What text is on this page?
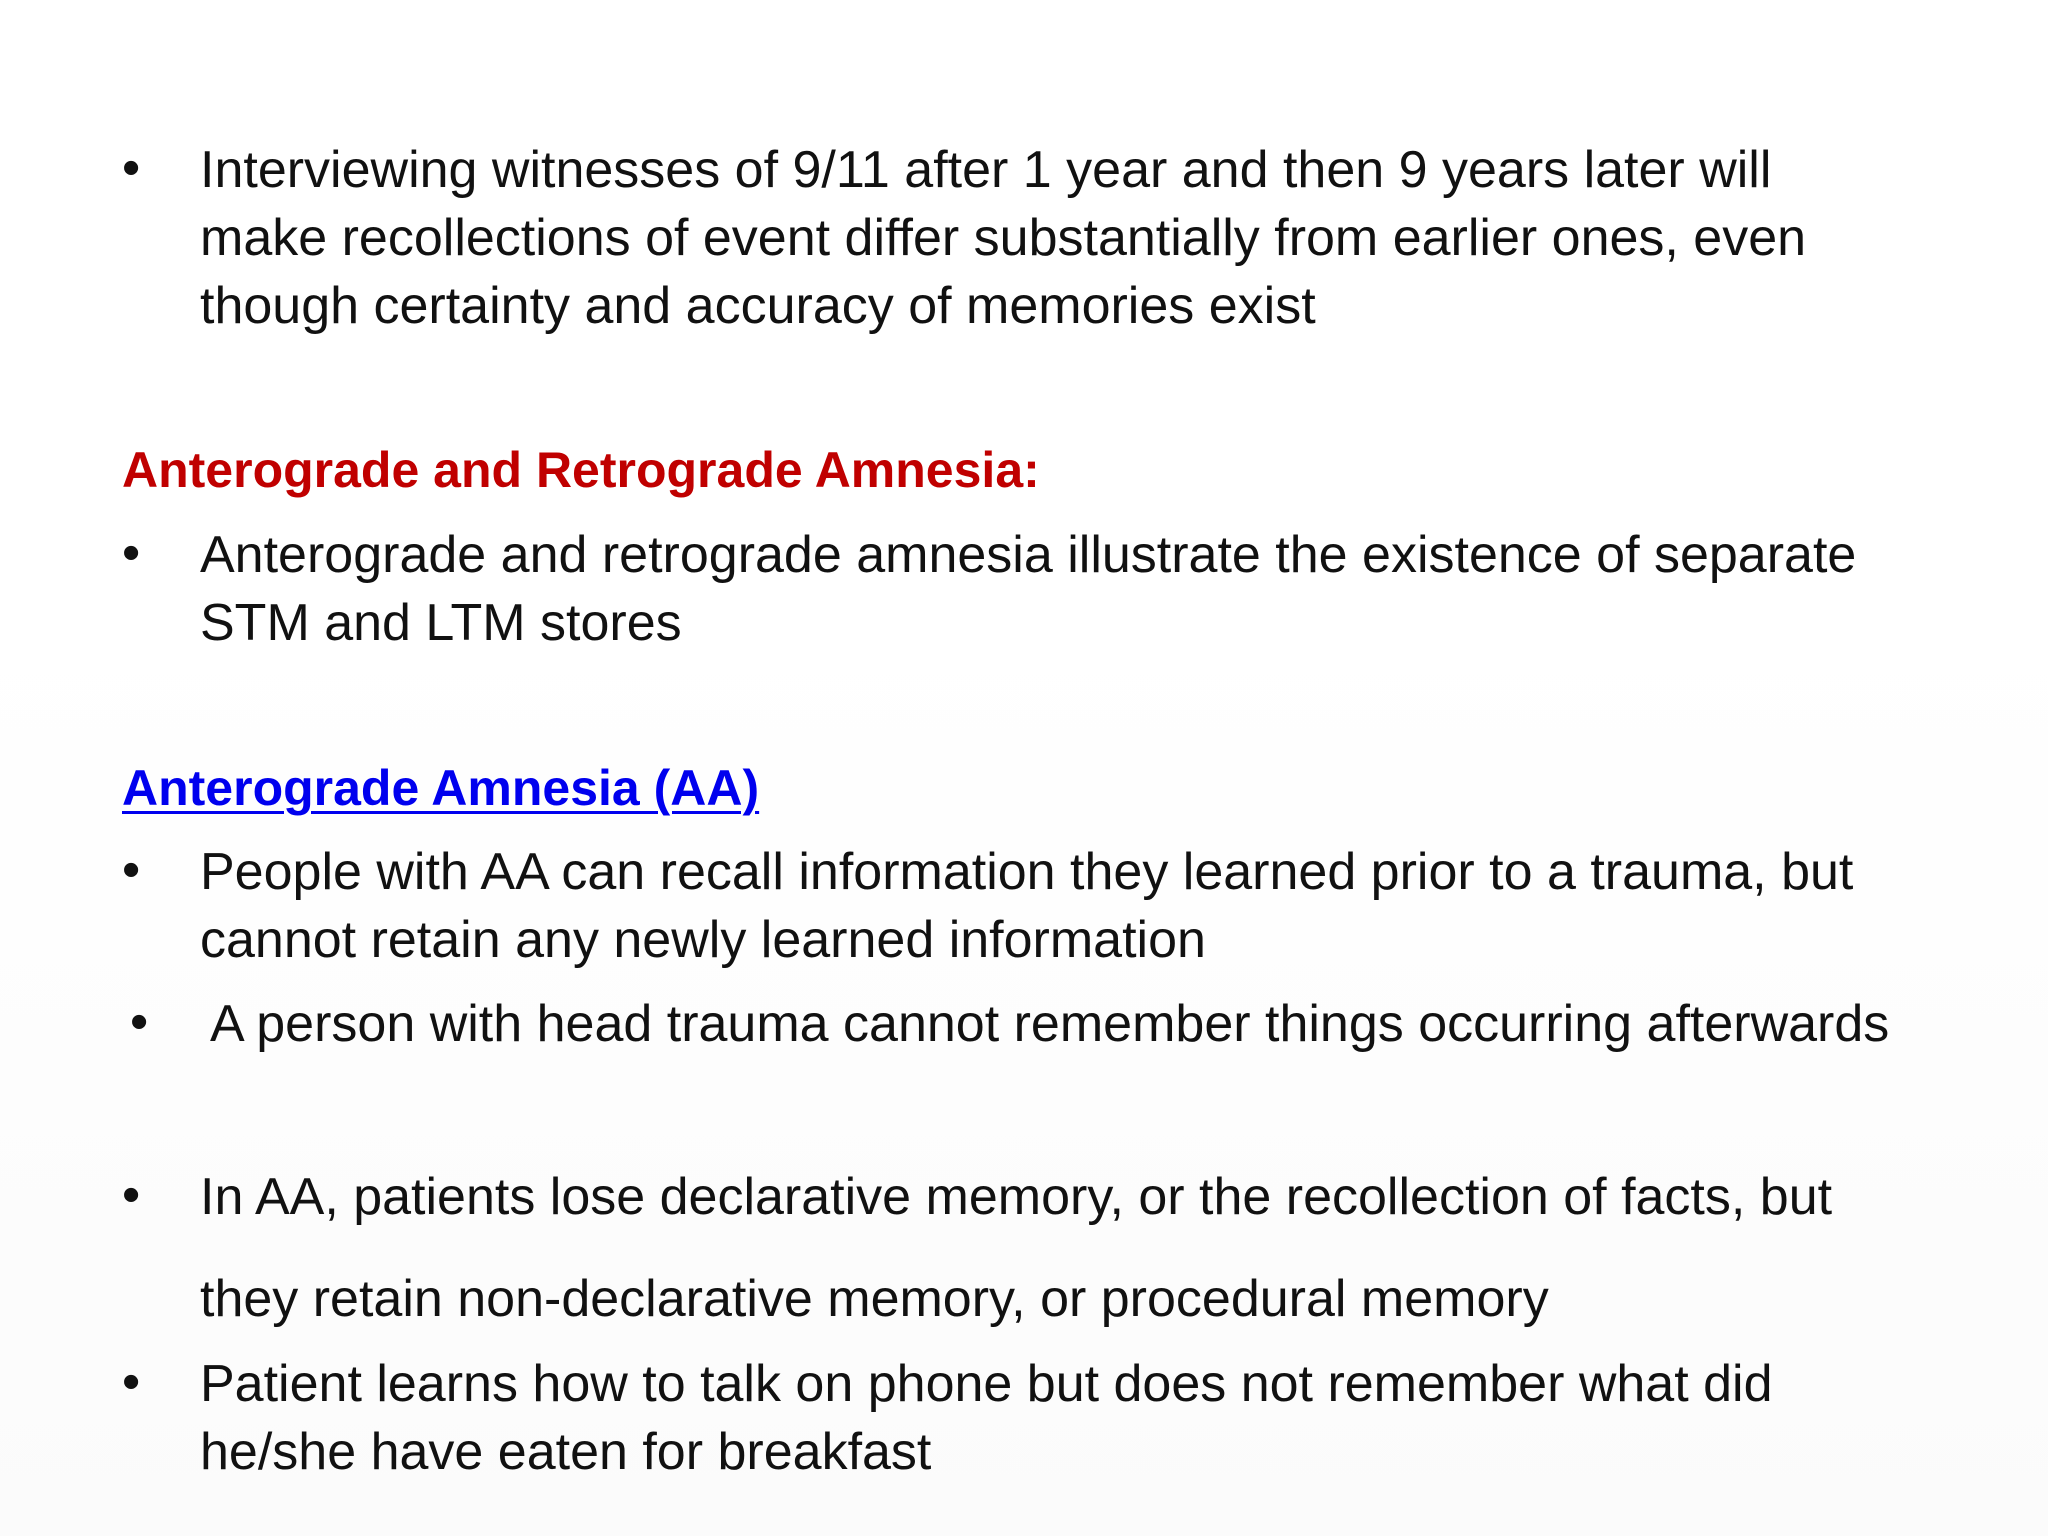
• Interviewing witnesses of 9/11 after 1 year and then 9 years later will
make recollections of event differ substantially from earlier ones, even
though certainty and accuracy of memories exist
Anterograde and Retrograde Amnesia:
• Anterograde and retrograde amnesia illustrate the existence of separate
STM and LTM stores
Anterograde Amnesia (AA)
• People with AA can recall information they learned prior to a trauma, but
cannot retain any newly learned information
• A person with head trauma cannot remember things occurring afterwards
• In AA, patients lose declarative memory, or the recollection of facts, but
they retain non-declarative memory, or procedural memory
• Patient learns how to talk on phone but does not remember what did
he/she have eaten for breakfast
